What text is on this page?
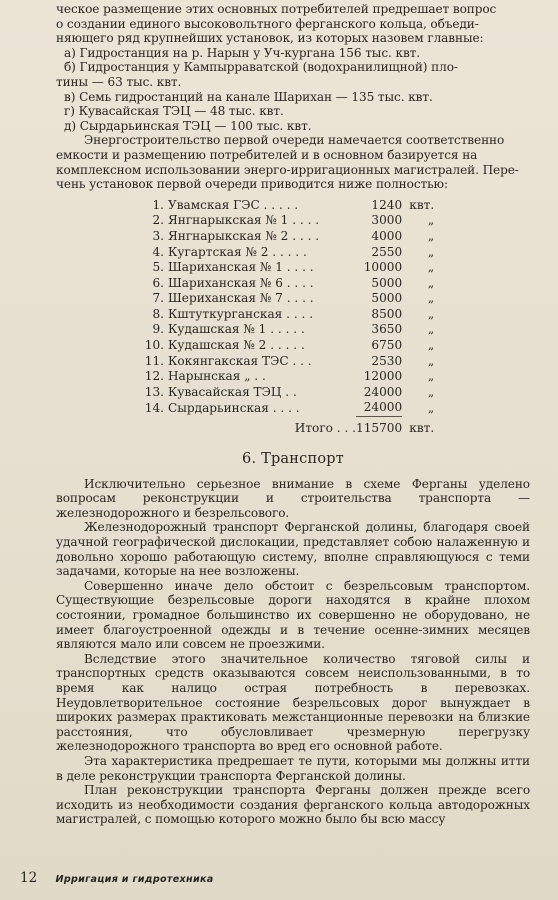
ческое размещение этих основных потребителей предрешает вопрос
о создании единого высоковольтного ферганского кольца, объеди-
няющего ряд крупнейших установок, из которых назовем главные:
а) Гидростанция на р. Нарын у Уч-кургана 156 тыс. квт.
б) Гидростанция у Кампырраватской (водохранилищной) пло-
тины — 63 тыс. квт.
в) Семь гидростанций на канале Шарихан — 135 тыс. квт.
г) Кувасайская ТЭЦ — 48 тыс. квт.
д) Сырдарьинская ТЭЦ — 100 тыс. квт.
Энергостроительство первой очереди намечается соответственно
емкости и размещению потребителей и в основном базируется на
комплексном использовании энерго-ирригационных магистралей. Пере-
чень установок первой очереди приводится ниже полностью:
1.	Увамская ГЭС . . . . .	1240	квт.
2.	Янгнарыкская № 1 . . . .	3000	„
3.	Янгнарыкская № 2 . . . .	4000	„
4.	Кугартская № 2 . . . . .	2550	„
5.	Шариханская № 1 . . . .	10000	„
6.	Шариханская № 6 . . . .	5000	„
7.	Шериханская № 7 . . . .	5000	„
8.	Кштуткурганская . . . .	8500	„
9.	Кудашская № 1 . . . . .	3650	„
10.	Кудашская № 2 . . . . .	6750	„
11.	Кокянгакская ТЭС . . .	2530	„
12.	Нарынская „ . .	12000	„
13.	Кувасайская ТЭЦ . .	24000	„
14.	Сырдарьинская . . . .	24000	„
	Итого . . .	115700	квт.
6. Транспорт

Исключительно серьезное внимание в схеме Ферганы уделено вопросам реконструкции и строительства транспорта — железнодорожного и безрельсового.

Железнодорожный транспорт Ферганской долины, благодаря своей удачной географической дислокации, представляет собою налаженную и довольно хорошо работающую систему, вполне справляющуюся с теми задачами, которые на нее возложены.

Совершенно иначе дело обстоит с безрельсовым транспортом. Существующие безрельсовые дороги находятся в крайне плохом состоянии, громадное большинство их совершенно не оборудовано, не имеет благоустроенной одежды и в течение осенне-зимних месяцев являются мало или совсем не проезжими.

Вследствие этого значительное количество тяговой силы и транспортных средств оказываются совсем неиспользованными, в то время как налицо острая потребность в перевозках. Неудовлетворительное состояние безрельсовых дорог вынуждает в широких размерах практиковать межстанционные перевозки на близкие расстояния, что обусловливает чрезмерную перегрузку железнодорожного транспорта во вред его основной работе.

Эта характеристика предрешает те пути, которыми мы должны итти в деле реконструкции транспорта Ферганской долины.

План реконструкции транспорта Ферганы должен прежде всего исходить из необходимости создания ферганского кольца автодорожных магистралей, с помощью которого можно было бы всю массу

12 Ирригация и гидротехника
